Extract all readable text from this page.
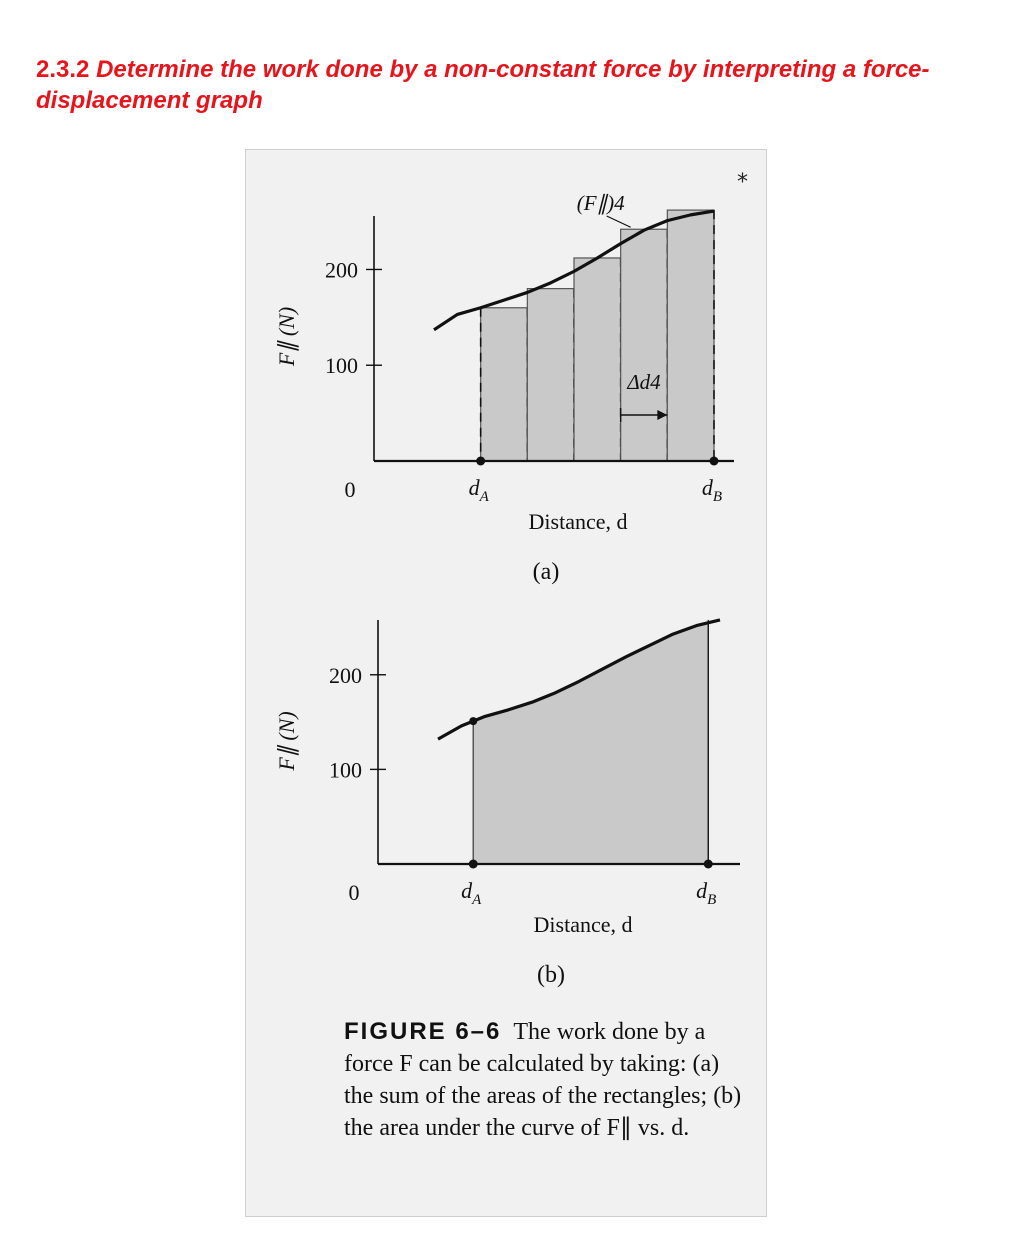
2.3.2 Determine the work done by a non-constant force by interpreting a force-displacement graph
*
100
200
0	$d_A$	$d_B$
Distance, d
F∥ (N)
(a)
(F∥)4
Δd4
100
200
0	$d_A$	$d_B$
Distance, d
F∥ (N)
(b)
FIGURE 6–6 The work done by a force F can be calculated by taking: (a) the sum of the areas of the rectangles; (b) the area under the curve of F∥ vs. d.
